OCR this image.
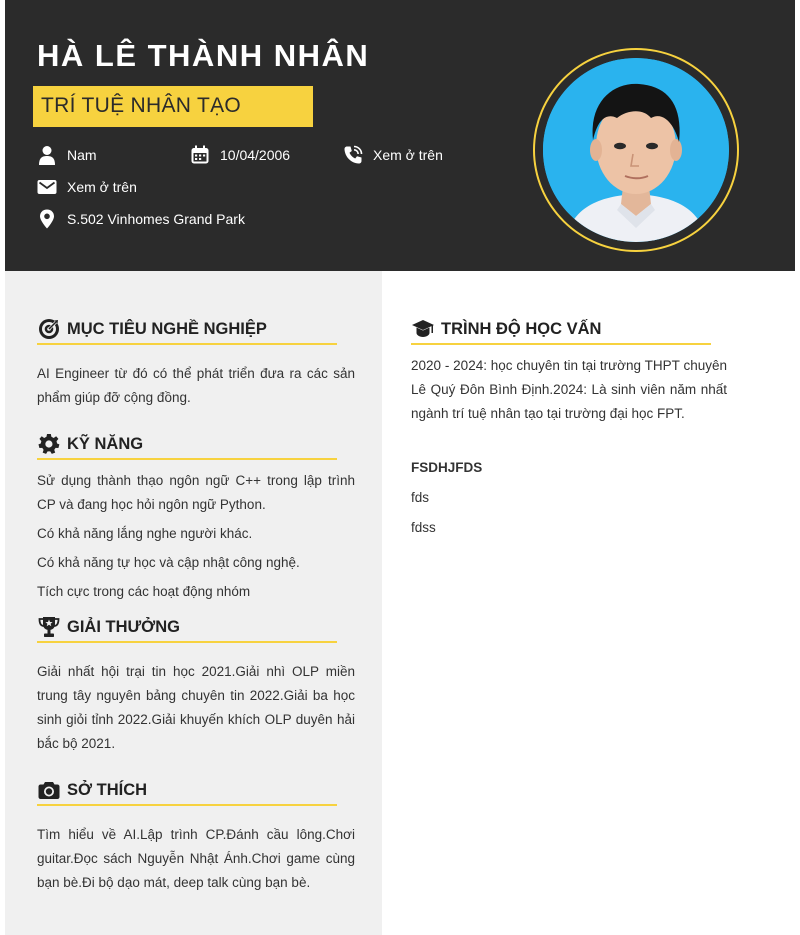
HÀ LÊ THÀNH NHÂN
TRÍ TUỆ NHÂN TẠO
Nam	10/04/2006	Xem ở trên
Xem ở trên
S.502 Vinhomes Grand Park
MỤC TIÊU NGHỀ NGHIỆP
AI Engineer từ đó có thể phát triển đưa ra các sản phẩm giúp đỡ cộng đồng.
KỸ NĂNG
Sử dụng thành thạo ngôn ngữ C++ trong lập trình CP và đang học hỏi ngôn ngữ Python.
Có khả năng lắng nghe người khác.
Có khả năng tự học và cập nhật công nghệ.
Tích cực trong các hoạt động nhóm
GIẢI THƯỞNG
Giải nhất hội trại tin học 2021.Giải nhì OLP miền trung tây nguyên bảng chuyên tin 2022.Giải ba học sinh giỏi tỉnh 2022.Giải khuyến khích OLP duyên hải bắc bộ 2021.
SỞ THÍCH
Tìm hiểu về AI.Lập trình CP.Đánh cầu lông.Chơi guitar.Đọc sách Nguyễn Nhật Ánh.Chơi game cùng bạn bè.Đi bộ dạo mát, deep talk cùng bạn bè.
TRÌNH ĐỘ HỌC VẤN
2020 - 2024: học chuyên tin tại trường THPT chuyên Lê Quý Đôn Bình Định.2024: Là sinh viên năm nhất ngành trí tuệ nhân tạo tại trường đại học FPT.
FSDHJFDS
fds
fdss
